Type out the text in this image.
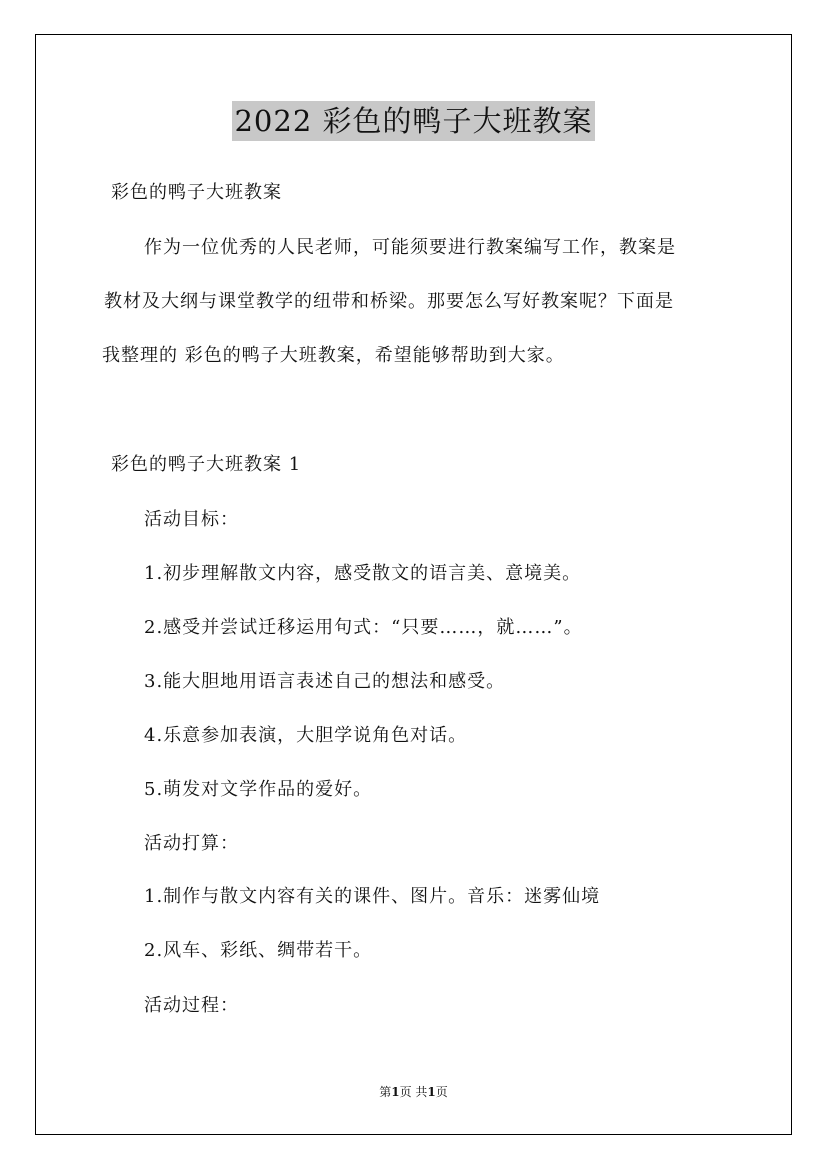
2022 彩色的鸭子大班教案
彩色的鸭子大班教案
作为一位优秀的人民老师，可能须要进行教案编写工作，教案是
教材及大纲与课堂教学的纽带和桥梁。那要怎么写好教案呢？下面是
我整理的 彩色的鸭子大班教案，希望能够帮助到大家。
彩色的鸭子大班教案 1
活动目标：
1.初步理解散文内容，感受散文的语言美、意境美。
2.感受并尝试迁移运用句式：“只要……，就……”。
3.能大胆地用语言表述自己的想法和感受。
4.乐意参加表演，大胆学说角色对话。
5.萌发对文学作品的爱好。
活动打算：
1.制作与散文内容有关的课件、图片。音乐：迷雾仙境
2.风车、彩纸、绸带若干。
活动过程：
第1页 共1页
